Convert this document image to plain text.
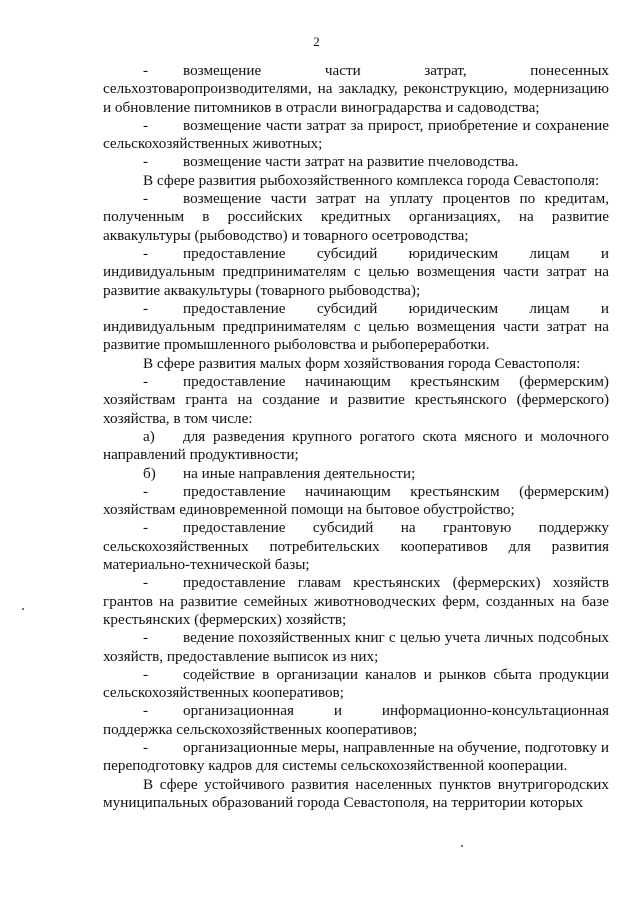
2

- возмещение части затрат, понесенных сельхозтоваропроизводителями, на закладку, реконструкцию, модернизацию и обновление питомников в отрасли виноградарства и садоводства;

- возмещение части затрат за прирост, приобретение и сохранение сельскохозяйственных животных;

- возмещение части затрат на развитие пчеловодства.

В сфере развития рыбохозяйственного комплекса города Севастополя:

- возмещение части затрат на уплату процентов по кредитам, полученным в российских кредитных организациях, на развитие аквакультуры (рыбоводство) и товарного осетроводства;

- предоставление субсидий юридическим лицам и индивидуальным предпринимателям с целью возмещения части затрат на развитие аквакультуры (товарного рыбоводства);

- предоставление субсидий юридическим лицам и индивидуальным предпринимателям с целью возмещения части затрат на развитие промышленного рыболовства и рыбопереработки.

В сфере развития малых форм хозяйствования города Севастополя:

- предоставление начинающим крестьянским (фермерским) хозяйствам гранта на создание и развитие крестьянского (фермерского) хозяйства, в том числе:

а) для разведения крупного рогатого скота мясного и молочного направлений продуктивности;

б) на иные направления деятельности;

- предоставление начинающим крестьянским (фермерским) хозяйствам единовременной помощи на бытовое обустройство;

- предоставление субсидий на грантовую поддержку сельскохозяйственных потребительских кооперативов для развития материально-технической базы;

- предоставление главам крестьянских (фермерских) хозяйств грантов на развитие семейных животноводческих ферм, созданных на базе крестьянских (фермерских) хозяйств;

- ведение похозяйственных книг с целью учета личных подсобных хозяйств, предоставление выписок из них;

- содействие в организации каналов и рынков сбыта продукции сельскохозяйственных кооперативов;

- организационная и информационно-консультационная поддержка сельскохозяйственных кооперативов;

- организационные меры, направленные на обучение, подготовку и переподготовку кадров для системы сельскохозяйственной кооперации.

В сфере устойчивого развития населенных пунктов внутригородских муниципальных образований города Севастополя, на территории которых
